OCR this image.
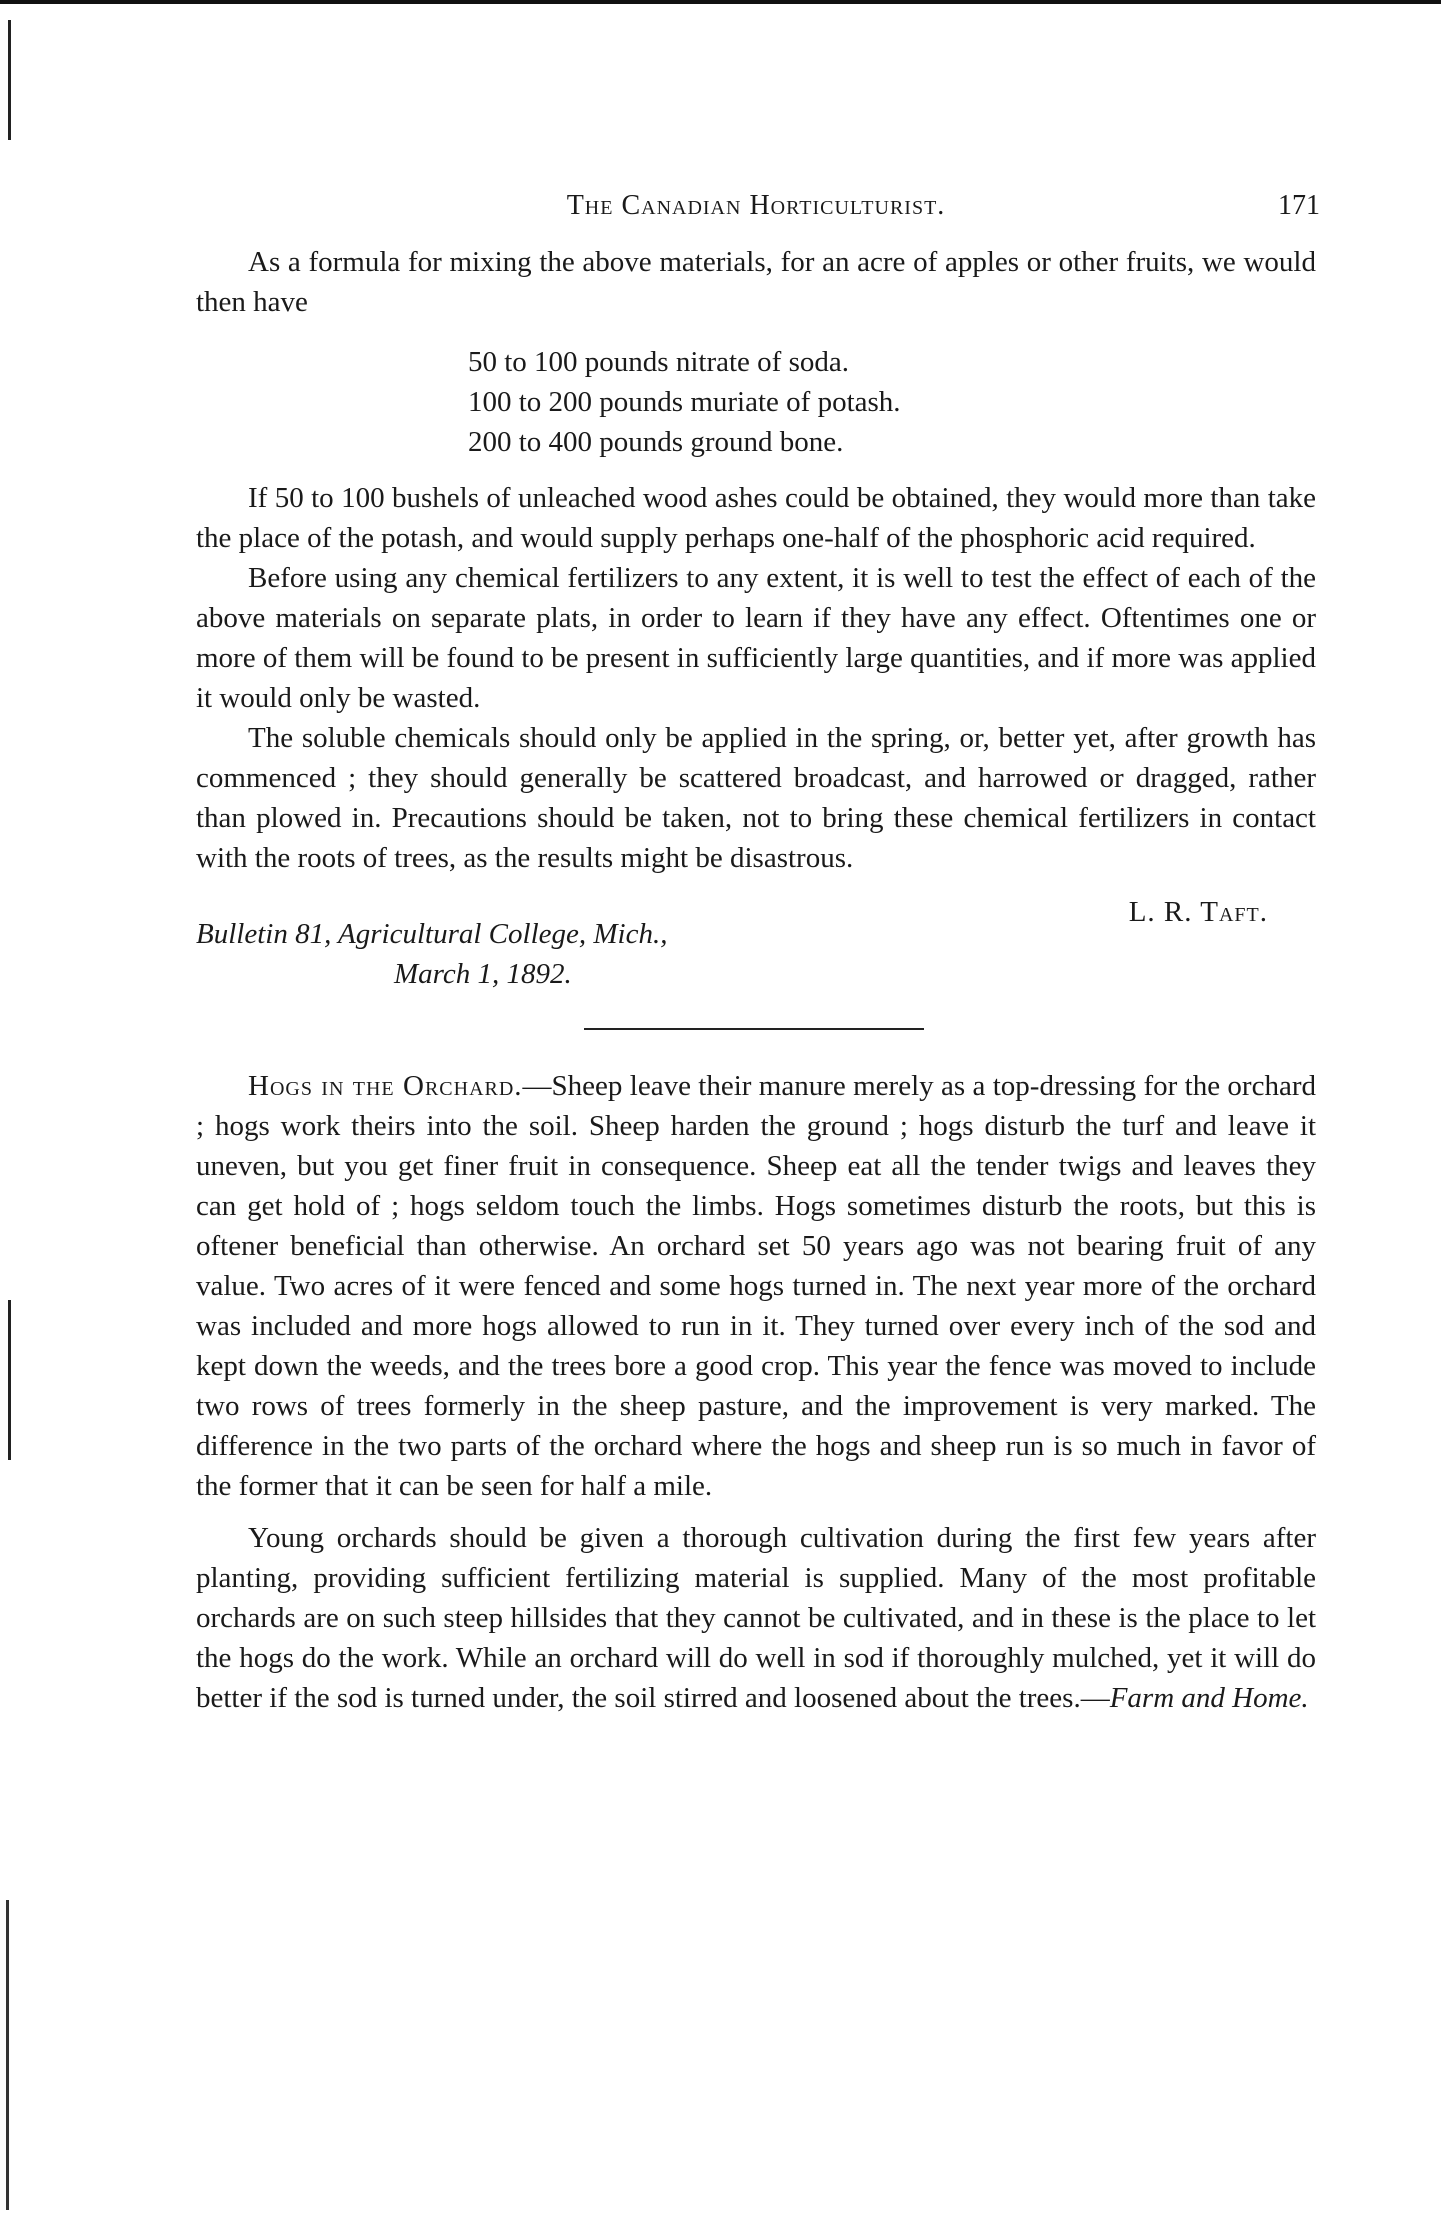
The Canadian Horticulturist.	171

As a formula for mixing the above materials, for an acre of apples or other fruits, we would then have

50 to 100 pounds nitrate of soda.
100 to 200 pounds muriate of potash.
200 to 400 pounds ground bone.

If 50 to 100 bushels of unleached wood ashes could be obtained, they would more than take the place of the potash, and would supply perhaps one-half of the phosphoric acid required.

Before using any chemical fertilizers to any extent, it is well to test the effect of each of the above materials on separate plats, in order to learn if they have any effect. Oftentimes one or more of them will be found to be present in sufficiently large quantities, and if more was applied it would only be wasted.

The soluble chemicals should only be applied in the spring, or, better yet, after growth has commenced ; they should generally be scattered broadcast, and harrowed or dragged, rather than plowed in. Precautions should be taken, not to bring these chemical fertilizers in contact with the roots of trees, as the results might be disastrous.

L. R. Taft.
Bulletin 81, Agricultural College, Mich.,
March 1, 1892.

Hogs in the Orchard.—Sheep leave their manure merely as a top-dressing for the orchard ; hogs work theirs into the soil. Sheep harden the ground ; hogs disturb the turf and leave it uneven, but you get finer fruit in consequence. Sheep eat all the tender twigs and leaves they can get hold of ; hogs seldom touch the limbs. Hogs sometimes disturb the roots, but this is oftener beneficial than otherwise. An orchard set 50 years ago was not bearing fruit of any value. Two acres of it were fenced and some hogs turned in. The next year more of the orchard was included and more hogs allowed to run in it. They turned over every inch of the sod and kept down the weeds, and the trees bore a good crop. This year the fence was moved to include two rows of trees formerly in the sheep pasture, and the improvement is very marked. The difference in the two parts of the orchard where the hogs and sheep run is so much in favor of the former that it can be seen for half a mile.

Young orchards should be given a thorough cultivation during the first few years after planting, providing sufficient fertilizing material is supplied. Many of the most profitable orchards are on such steep hillsides that they cannot be cultivated, and in these is the place to let the hogs do the work. While an orchard will do well in sod if thoroughly mulched, yet it will do better if the sod is turned under, the soil stirred and loosened about the trees.—Farm and Home.
